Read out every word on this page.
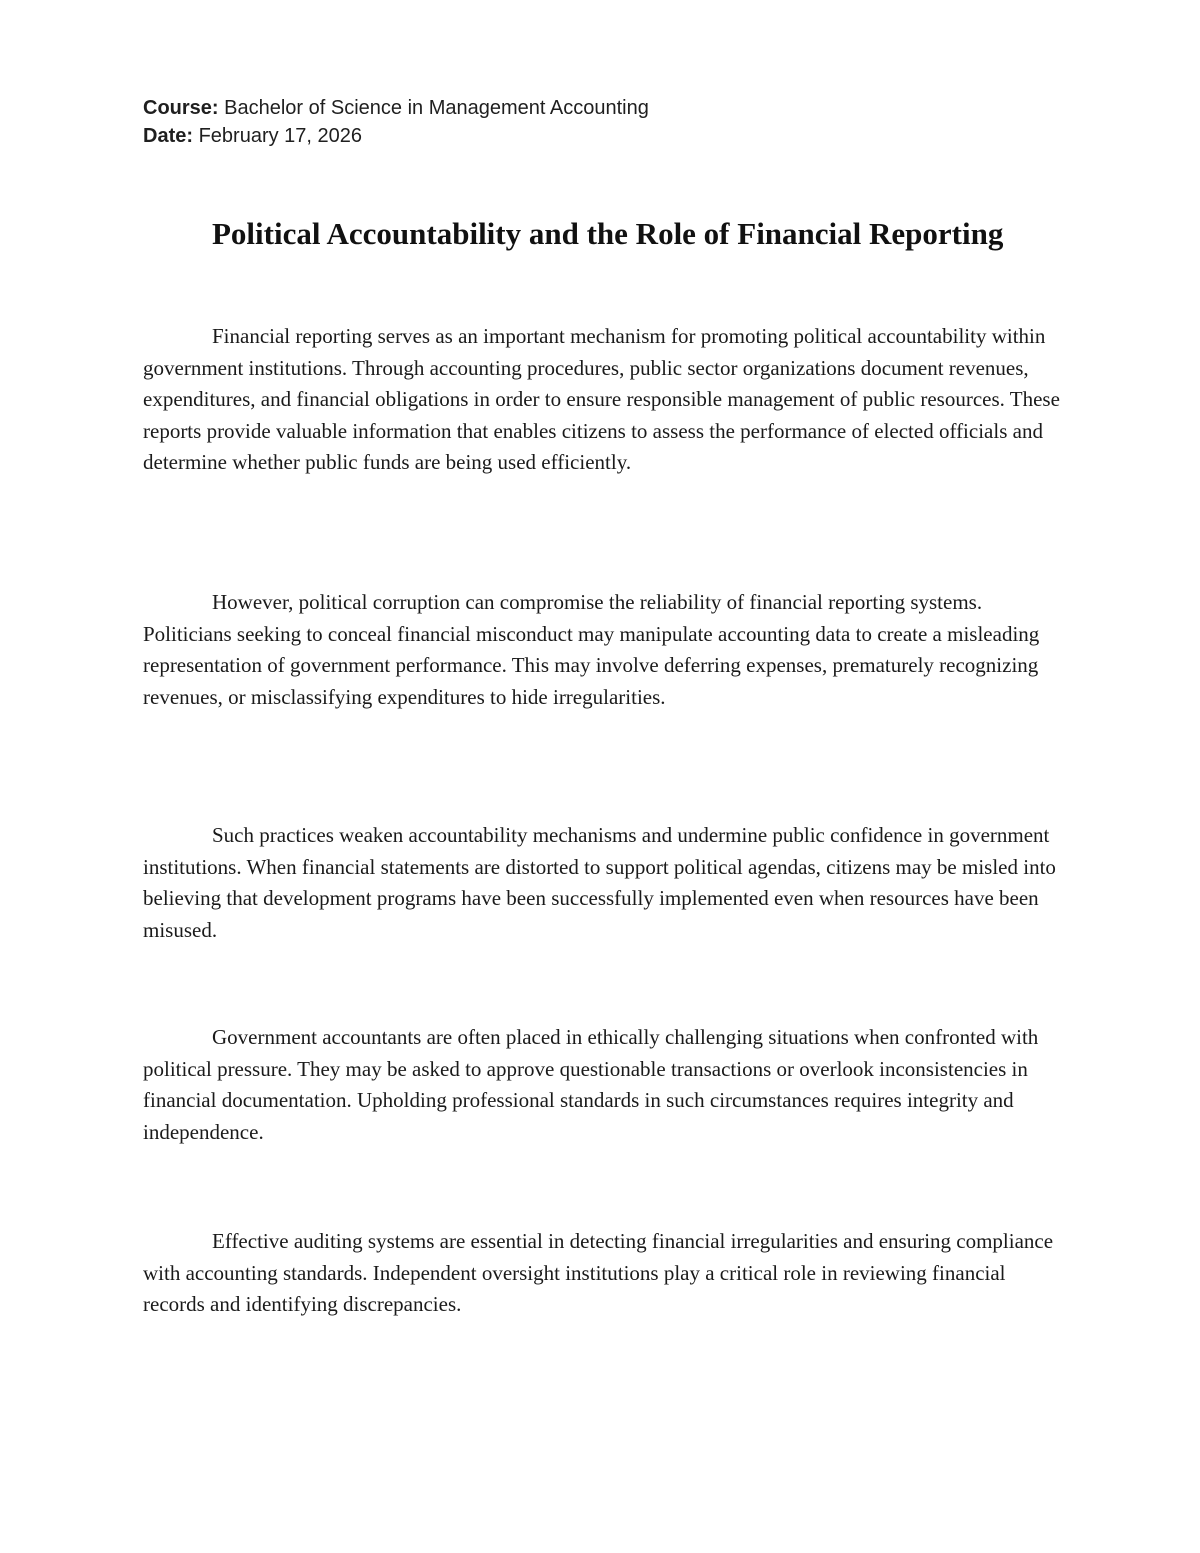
Course: Bachelor of Science in Management Accounting
Date: February 17, 2026
Political Accountability and the Role of Financial Reporting

Financial reporting serves as an important mechanism for promoting political accountability within government institutions. Through accounting procedures, public sector organizations document revenues, expenditures, and financial obligations in order to ensure responsible management of public resources. These reports provide valuable information that enables citizens to assess the performance of elected officials and determine whether public funds are being used efficiently.

However, political corruption can compromise the reliability of financial reporting systems. Politicians seeking to conceal financial misconduct may manipulate accounting data to create a misleading representation of government performance. This may involve deferring expenses, prematurely recognizing revenues, or misclassifying expenditures to hide irregularities.

Such practices weaken accountability mechanisms and undermine public confidence in government institutions. When financial statements are distorted to support political agendas, citizens may be misled into believing that development programs have been successfully implemented even when resources have been misused.

Government accountants are often placed in ethically challenging situations when confronted with political pressure. They may be asked to approve questionable transactions or overlook inconsistencies in financial documentation. Upholding professional standards in such circumstances requires integrity and independence.

Effective auditing systems are essential in detecting financial irregularities and ensuring compliance with accounting standards. Independent oversight institutions play a critical role in reviewing financial records and identifying discrepancies.
